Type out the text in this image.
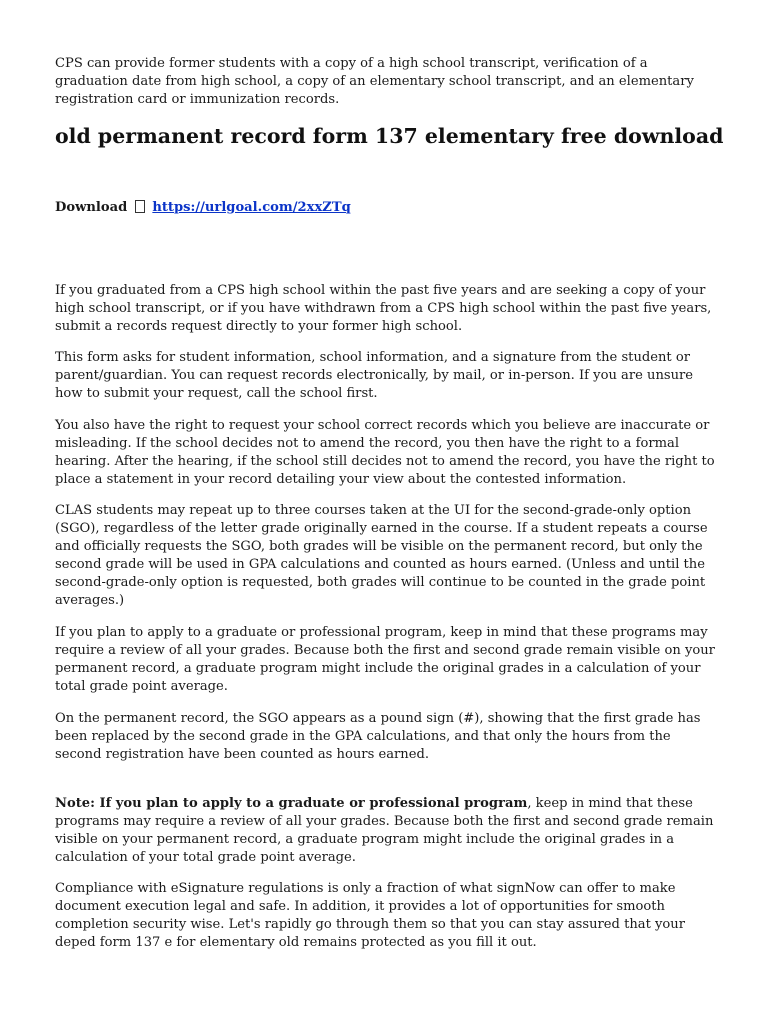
CPS can provide former students with a copy of a high school transcript, verification of a graduation date from high school, a copy of an elementary school transcript, and an elementary registration card or immunization records.

old permanent record form 137 elementary free download
Download https://urlgoal.com/2xxZTq

If you graduated from a CPS high school within the past five years and are seeking a copy of your high school transcript, or if you have withdrawn from a CPS high school within the past five years, submit a records request directly to your former high school.

This form asks for student information, school information, and a signature from the student or parent/guardian. You can request records electronically, by mail, or in-person. If you are unsure how to submit your request, call the school first.

You also have the right to request your school correct records which you believe are inaccurate or misleading. If the school decides not to amend the record, you then have the right to a formal hearing. After the hearing, if the school still decides not to amend the record, you have the right to place a statement in your record detailing your view about the contested information.

CLAS students may repeat up to three courses taken at the UI for the second-grade-only option (SGO), regardless of the letter grade originally earned in the course. If a student repeats a course and officially requests the SGO, both grades will be visible on the permanent record, but only the second grade will be used in GPA calculations and counted as hours earned. (Unless and until the second-grade-only option is requested, both grades will continue to be counted in the grade point averages.)

If you plan to apply to a graduate or professional program, keep in mind that these programs may require a review of all your grades. Because both the first and second grade remain visible on your permanent record, a graduate program might include the original grades in a calculation of your total grade point average.

On the permanent record, the SGO appears as a pound sign (#), showing that the first grade has been replaced by the second grade in the GPA calculations, and that only the hours from the second registration have been counted as hours earned.

Note: If you plan to apply to a graduate or professional program, keep in mind that these programs may require a review of all your grades. Because both the first and second grade remain visible on your permanent record, a graduate program might include the original grades in a calculation of your total grade point average.

Compliance with eSignature regulations is only a fraction of what signNow can offer to make document execution legal and safe. In addition, it provides a lot of opportunities for smooth completion security wise. Let's rapidly go through them so that you can stay assured that your deped form 137 e for elementary old remains protected as you fill it out.
